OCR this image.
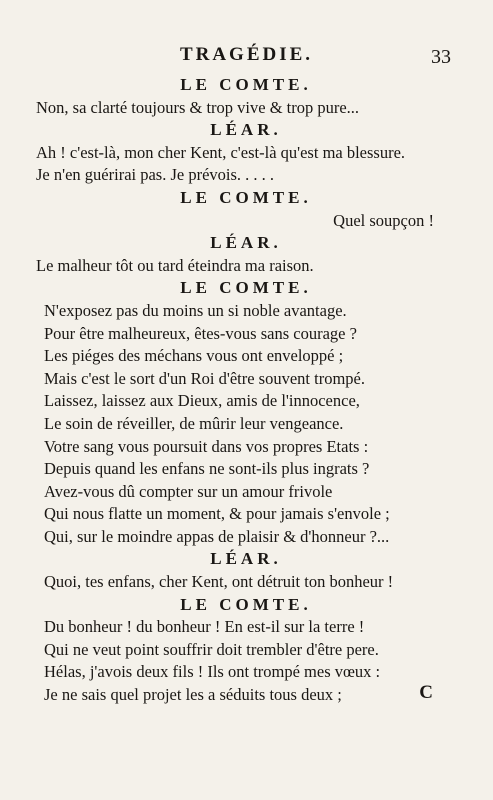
TRAGÉDIE.	33
LE COMTE.
Non, sa clarté toujours & trop vive & trop pure...
LÉAR.
Ah ! c'est-là, mon cher Kent, c'est-là qu'est ma blessure.
Je n'en guérirai pas. Je prévois. . . . .
LE COMTE.
Quel soupçon !
LÉAR.
Le malheur tôt ou tard éteindra ma raison.
LE COMTE.
N'exposez pas du moins un si noble avantage.
Pour être malheureux, êtes-vous sans courage ?
Les piéges des méchans vous ont enveloppé ;
Mais c'est le sort d'un Roi d'être souvent trompé.
Laissez, laissez aux Dieux, amis de l'innocence,
Le soin de réveiller, de mûrir leur vengeance.
Votre sang vous poursuit dans vos propres Etats :
Depuis quand les enfans ne sont-ils plus ingrats ?
Avez-vous dû compter sur un amour frivole
Qui nous flatte un moment, & pour jamais s'envole ;
Qui, sur le moindre appas de plaisir & d'honneur ?...
LÉAR.
Quoi, tes enfans, cher Kent, ont détruit ton bonheur !
LE COMTE.
Du bonheur ! du bonheur ! En est-il sur la terre !
Qui ne veut point souffrir doit trembler d'être pere.
Hélas, j'avois deux fils ! Ils ont trompé mes vœux :
Je ne sais quel projet les a séduits tous deux ;	C
